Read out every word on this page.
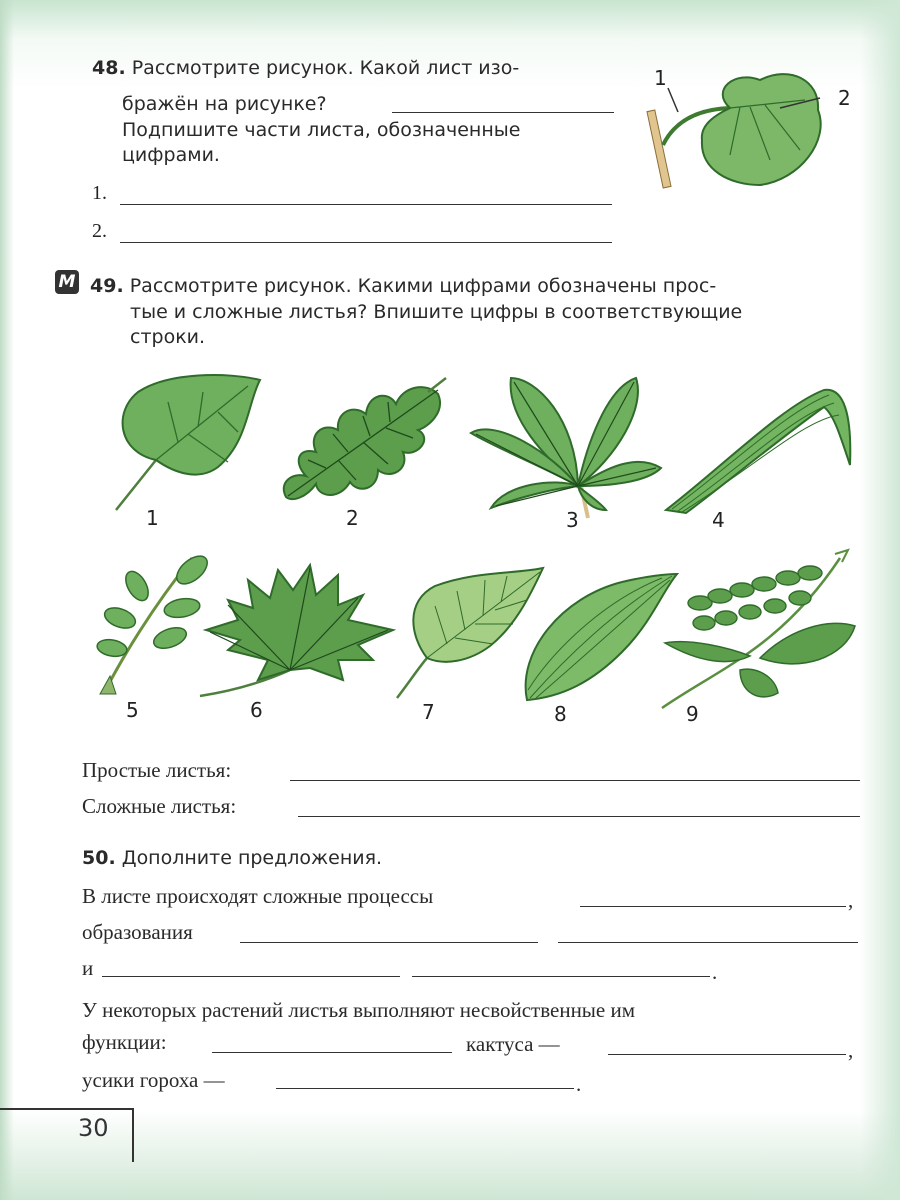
48. Рассмотрите рисунок. Какой лист изо-
бражён на рисунке?
Подпишите части листа, обозначенные
цифрами.
1.
2.
1
2
М 49. Рассмотрите рисунок. Какими цифрами обозначены прос-
тые и сложные листья? Впишите цифры в соответствующие
строки.
1	2	3	4
5	6	7	8	9
Простые листья:
Сложные листья:
50. Дополните предложения.
В листе происходят сложные процессы	,
образования
и	.
У некоторых растений листья выполняют несвойственные им
функции:	кактуса —	,
усики гороха —	.
30
